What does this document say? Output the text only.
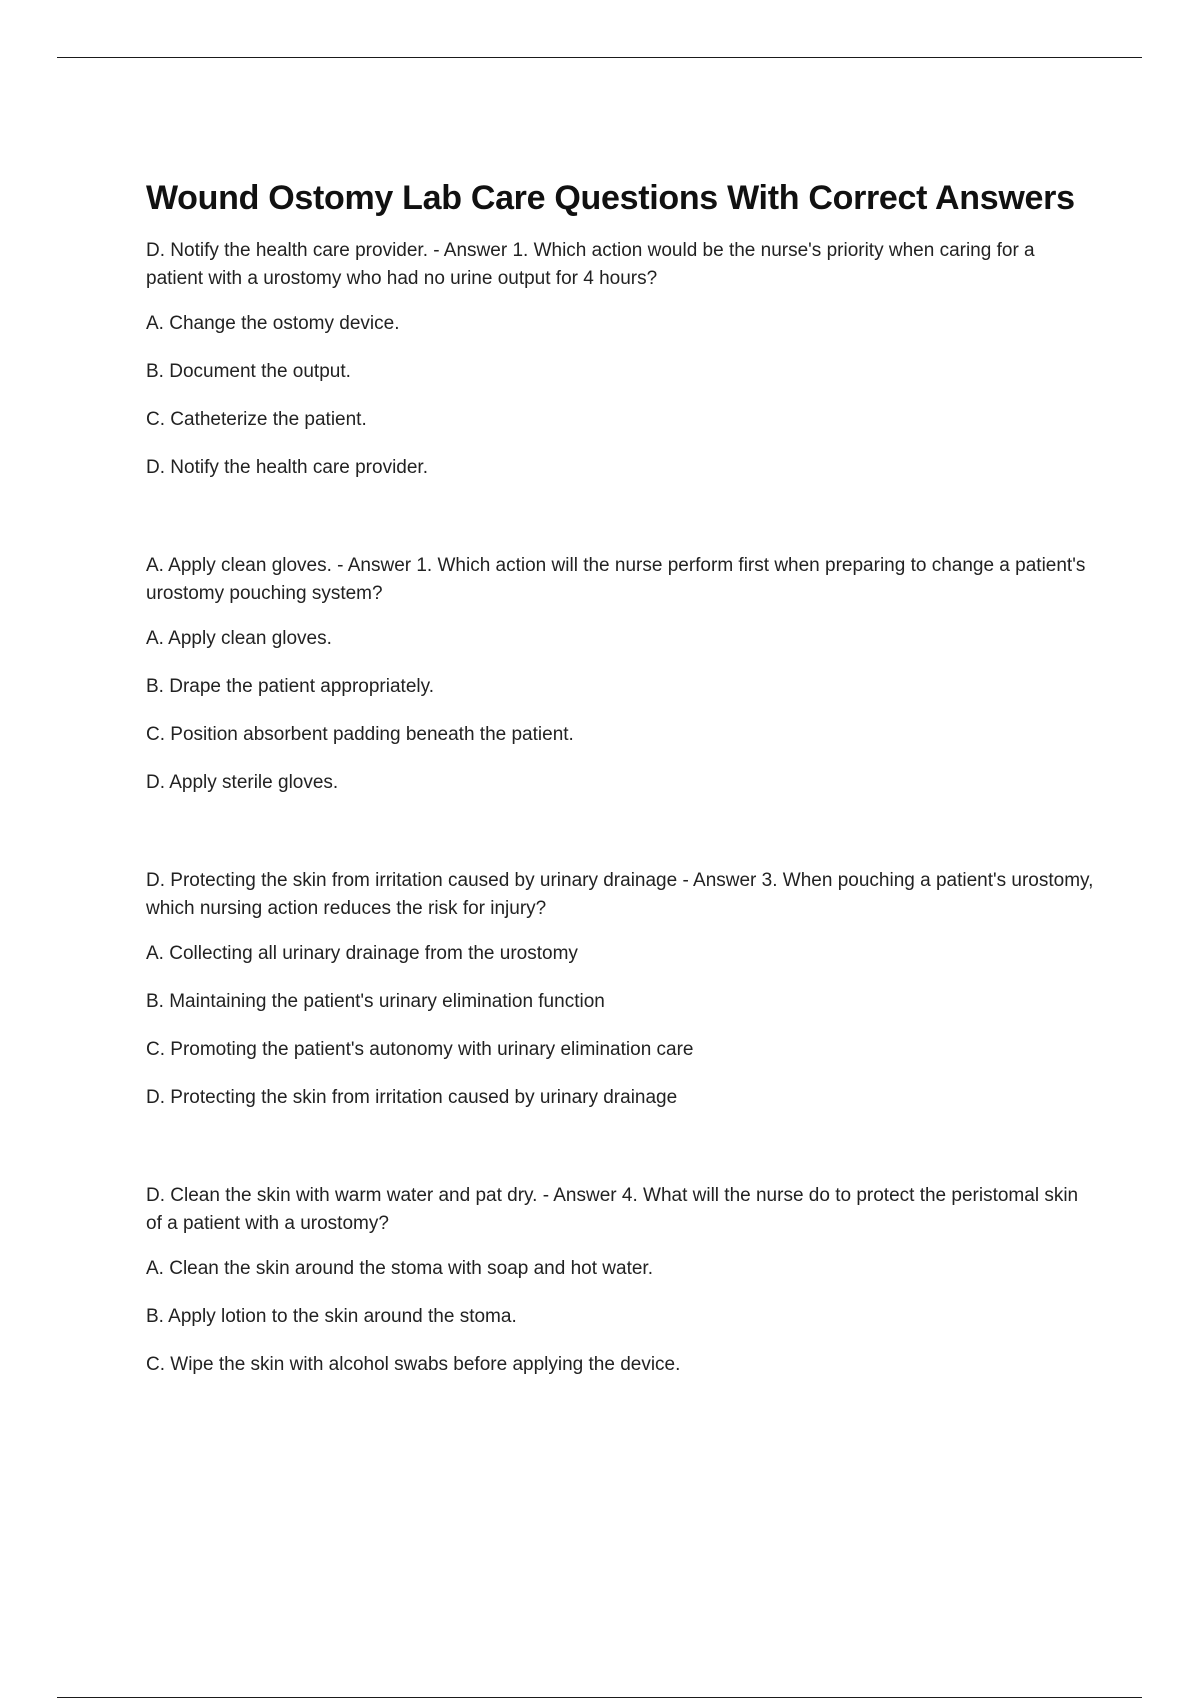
Wound Ostomy Lab Care Questions With Correct Answers

D. Notify the health care provider. - Answer 1. Which action would be the nurse's priority when caring for a patient with a urostomy who had no urine output for 4 hours?

A. Change the ostomy device.
B. Document the output.
C. Catheterize the patient.
D. Notify the health care provider.

A. Apply clean gloves. - Answer 1. Which action will the nurse perform first when preparing to change a patient's urostomy pouching system?

A. Apply clean gloves.
B. Drape the patient appropriately.
C. Position absorbent padding beneath the patient.
D. Apply sterile gloves.

D. Protecting the skin from irritation caused by urinary drainage - Answer 3. When pouching a patient's urostomy, which nursing action reduces the risk for injury?

A. Collecting all urinary drainage from the urostomy
B. Maintaining the patient's urinary elimination function
C. Promoting the patient's autonomy with urinary elimination care
D. Protecting the skin from irritation caused by urinary drainage

D. Clean the skin with warm water and pat dry. - Answer 4. What will the nurse do to protect the peristomal skin of a patient with a urostomy?

A. Clean the skin around the stoma with soap and hot water.
B. Apply lotion to the skin around the stoma.
C. Wipe the skin with alcohol swabs before applying the device.
